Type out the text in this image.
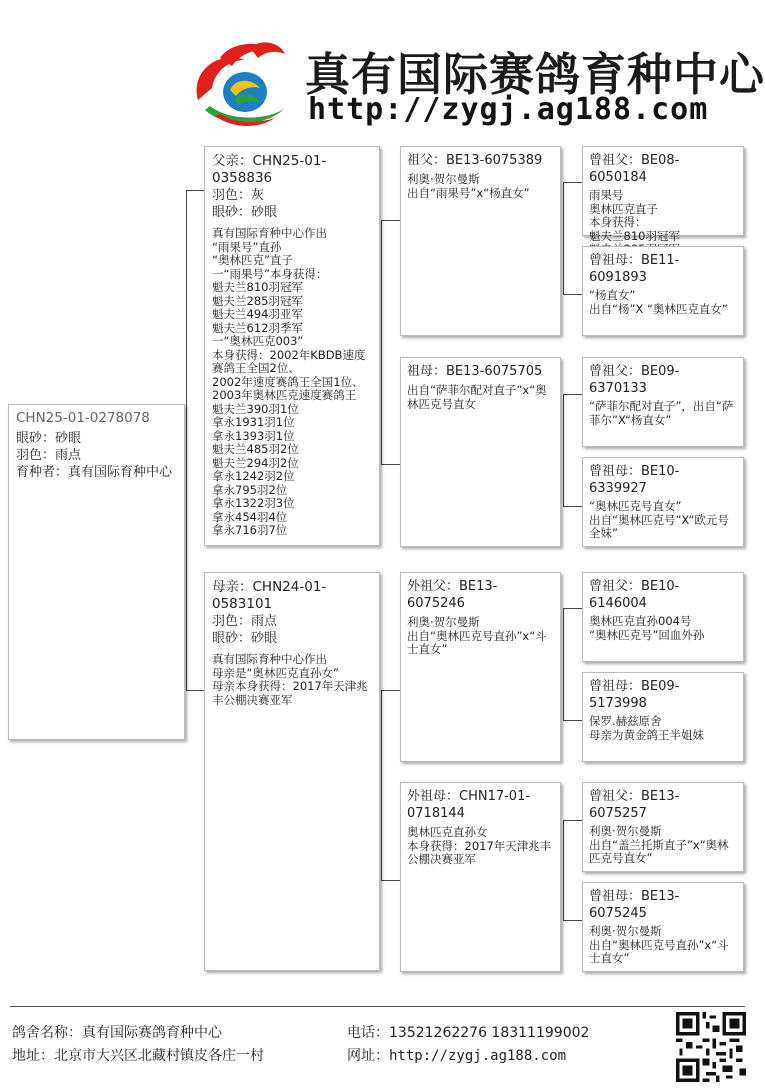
真有国际赛鸽育种中心
http://zygj.ag188.com
CHN25-01-0278078
眼砂：砂眼
羽色：雨点
育种者：真有国际育种中心
父亲：CHN25-01-0358836
羽色：灰
眼砂：砂眼
真有国际育种中心作出
“雨果号”直孙
“奥林匹克”直子
一“雨果号”本身获得：
魁夫兰810羽冠军
魁夫兰285羽冠军
魁夫兰494羽亚军
魁夫兰612羽季军
一“奥林匹克003”
本身获得：2002年KBDB速度赛鸽王全国2位、
2002年速度赛鸽王全国1位、
2003年奥林匹克速度赛鸽王
魁夫兰390羽1位
拿永1931羽1位
拿永1393羽1位
魁夫兰485羽2位
魁夫兰294羽2位
拿永1242羽2位
拿永795羽2位
拿永1322羽3位
拿永454羽4位
拿永716羽7位
母亲：CHN24-01-0583101
羽色：雨点
眼砂：砂眼
真有国际育种中心作出
母亲是“奥林匹克直孙女”
母亲本身获得：2017年天津兆丰公棚决赛亚军
祖父：BE13-6075389
利奥·贺尔曼斯
出自“雨果号”x“杨直女”
祖母：BE13-6075705
出自“萨菲尔配对直子”x“奥林匹克号直女
外祖父：BE13-6075246
利奥·贺尔曼斯
出自“奥林匹克号直孙”x“斗士直女”
外祖母：CHN17-01-0718144
奥林匹克直孙女
本身获得：2017年天津兆丰公棚决赛亚军
曾祖父：BE08-6050184
雨果号
奥林匹克直子
本身获得：
魁夫兰810羽冠军

曾祖母：BE11-6091893
“杨直女”
出自“杨”X “奥林匹克直女”
曾祖父：BE09-6370133
“萨菲尔配对直子”，出自“萨菲尔”X“杨直女”
曾祖母：BE10-6339927
“奥林匹克号直女”
出自“奥林匹克号”X“欧元号全妹”
曾祖父：BE10-6146004
奥林匹克直孙004号
“奥林匹克号”回血外孙
曾祖母：BE09-5173998
保罗.赫兹原舍
母亲为黄金鸽王半姐妹
曾祖父：BE13-6075257
利奥·贺尔曼斯
出自“盖兰托斯直子”x“奥林匹克号直女”
曾祖母：BE13-6075245
利奥·贺尔曼斯
出自“奥林匹克号直孙”x“斗士直女”
鸽舍名称：真有国际赛鸽育种中心
地址：北京市大兴区北藏村镇皮各庄一村
电话：13521262276 18311199002
网址：http://zygj.ag188.com
